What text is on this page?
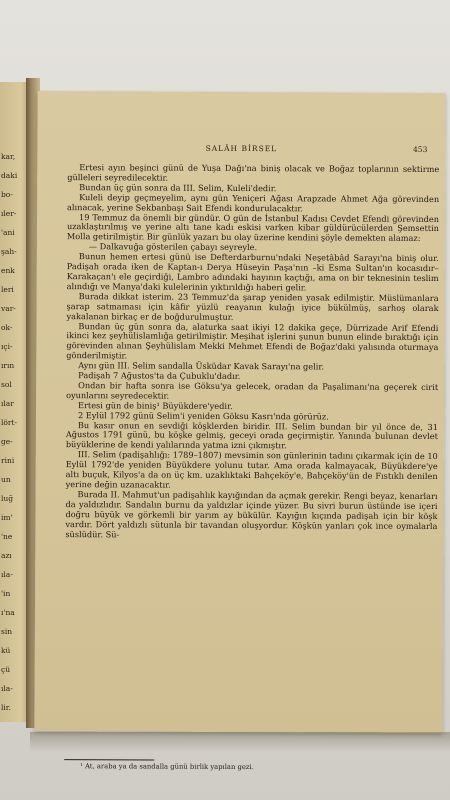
kar,
daki
bo-
ıler-
'ani
şah-
enk
leri
var-
ok-
ıçi-
ırın
sol
ılar
lört-
ge-
rini
un
luğ
im'
'ne
azı
ıla-
'in
ı'na
sin
kü
çü
ıla-
lir.
SALÂH BİRSEL	453

Ertesi ayın beşinci günü de Yuşa Dağı'na biniş olacak ve Boğaz toplarının sektirme gülleleri seyredilecektir.

Bundan üç gün sonra da III. Selim, Kuleli'dedir.

Kuleli deyip geçmeyelim, aynı gün Yeniçeri Ağası Arapzade Ahmet Ağa görevinden alınacak, yerine Sekbanbaşı Sait Efendi kondurulacaktır.

19 Temmuz da önemli bir gündür. O gün de İstanbul Kadısı Cevdet Efendi görevinden uzaklaştırılmış ve yerine altı tane kadı eskisi varken kibar güldürücülerden Şemsettin Molla getirilmiştir. Bir günlük yazarı bu olay üzerine kendini şöyle demekten alamaz:

— Dalkavuğa gösterilen çabayı seyreyle.

Bunun hemen ertesi günü ise Defterdarburnu'ndaki Neşetâbâd Sarayı'na biniş olur. Padişah orada iken de Kaptan-ı Derya Hüseyin Paşa'nın –ki Esma Sultan'ın kocasıdır– Karakaçan'ı ele geçirdiği, Lambro adındaki hayının kaçtığı, ama on bir teknesinin teslim alındığı ve Manya'daki kulelerinin yıktırıldığı haberi gelir.

Burada dikkat isterim. 23 Temmuz'da şarap yeniden yasak edilmiştir. Müslümanlara şarap satmaması için kâfir yüzlü reayanın kulağı iyice bükülmüş, sarhoş olarak yakalanan birkaç er de boğdurulmuştur.

Bundan üç gün sonra da, alaturka saat ikiyi 12 dakika geçe, Dürrizade Arif Efendi ikinci kez şeyhülislamlığa getirilmiştir. Meşihat işlerini şunun bunun elinde bıraktığı için görevinden alınan Şeyhülislam Mekki Mehmet Efendi de Boğaz'daki yalısında oturmaya gönderilmiştir.

Aynı gün III. Selim sandalla Üsküdar Kavak Sarayı'na gelir.

Padişah 7 Ağustos'ta da Çubuklu'dadır.

Ondan bir hafta sonra ise Göksu'ya gelecek, oradan da Paşalimanı'na geçerek cirit oyunlarını seyredecektir.

Ertesi gün de biniş¹ Büyükdere'yedir.

2 Eylül 1792 günü Selim'i yeniden Göksu Kasrı'nda görürüz.

Bu kasır onun en sevdiği köşklerden biridir. III. Selim bundan bir yıl önce de, 31 Ağustos 1791 günü, bu köşke gelmiş, geceyi orada geçirmiştir. Yanında bulunan devlet büyüklerine de kendi yalılarında yatma izni çıkmıştır.

III. Selim (padişahlığı: 1789–1807) mevsimin son günlerinin tadını çıkarmak için de 10 Eylül 1792'de yeniden Büyükdere yolunu tutar. Ama orada kalmayacak, Büyükdere'ye altı buçuk, Kilyos'a da on üç km. uzaklıktaki Bahçeköy'e, Bahçeköy'ün de Fıstıklı denilen yerine değin uzanacaktır.

Burada II. Mahmut'un padişahlık kayığından da açmak gerekir. Rengi beyaz, kenarları da yaldızlıdır. Sandalın burnu da yaldızlar içinde yüzer. Bu sivri burun üstünde ise içeri doğru büyük ve görkemli bir yarım ay bükülür. Kayığın kıçında padişah için bir köşk vardır. Dört yaldızlı sütunla bir tavandan oluşyordur. Köşkün yanları çok ince oymalarla süslüdür. Sü-

¹ At, araba ya da sandalla günü birlik yapılan gezi.
